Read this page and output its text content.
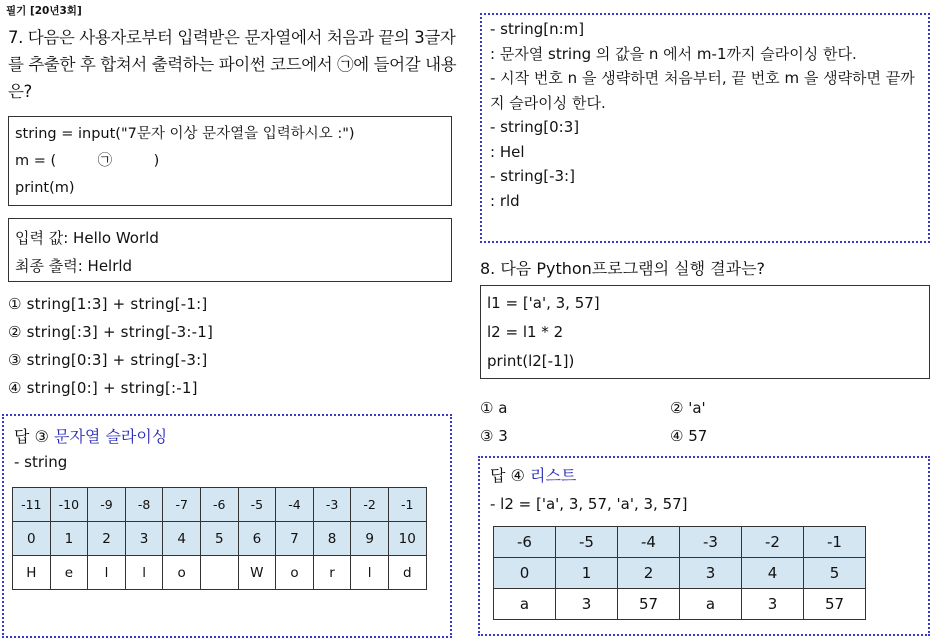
필기 [20년3회]
7. 다음은 사용자로부터 입력받은 문자열에서 처음과 끝의 3글자를 추출한 후 합쳐서 출력하는 파이썬 코드에서 ㉠에 들어갈 내용은?
string = input("7문자 이상 문자열을 입력하시오 :")
m = (         ㉠         )
print(m)
입력 값: Hello World
최종 출력: Helrld
① string[1:3] + string[-1:]
② string[:3] + string[-3:-1]
③ string[0:3] + string[-3:]
④ string[0:] + string[:-1]
답 ③ 문자열 슬라이싱
- string
-11	-10	-9	-8	-7	-6	-5	-4	-3	-2	-1
0	1	2	3	4	5	6	7	8	9	10
H	e	l	l	o		W	o	r	l	d
- string[n:m]
: 문자열 string 의 값을 n 에서 m-1까지 슬라이싱 한다.
- 시작 번호 n 을 생략하면 처음부터, 끝 번호 m 을 생략하면 끝까지 슬라이싱 한다.
- string[0:3]
: Hel
- string[-3:]
: rld
8. 다음 Python프로그램의 실행 결과는?
l1 = ['a', 3, 57]
l2 = l1 * 2
print(l2[-1])
① a	② 'a'
③ 3	④ 57
답 ④ 리스트
- l2 = ['a', 3, 57, 'a', 3, 57]
-6	-5	-4	-3	-2	-1
0	1	2	3	4	5
a	3	57	a	3	57
